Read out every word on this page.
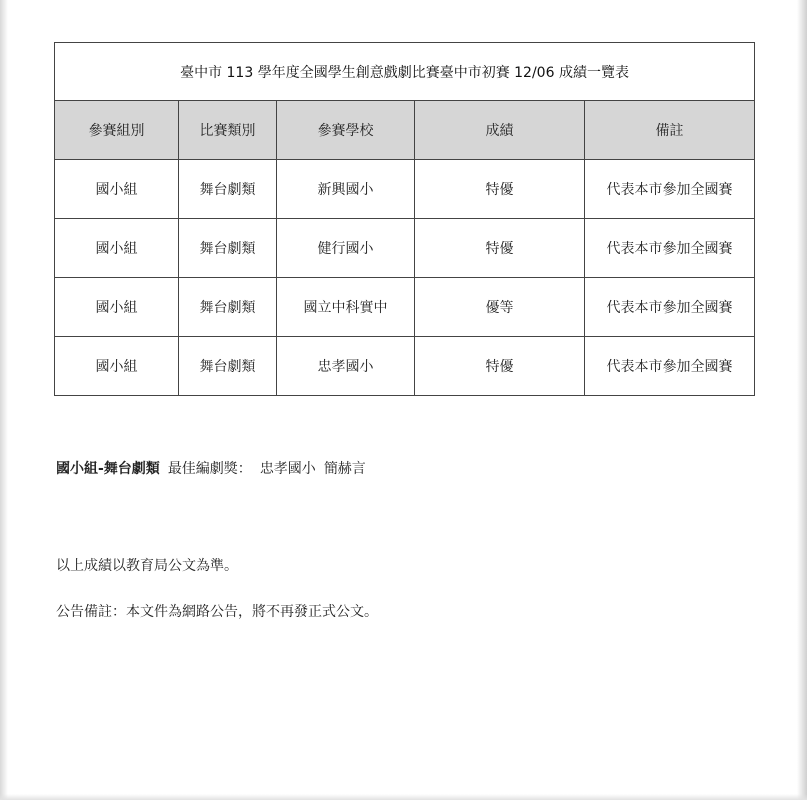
臺中市 113 學年度全國學生創意戲劇比賽臺中市初賽 12/06 成績一覽表				
參賽組別	比賽類別	參賽學校	成績	備註
國小組	舞台劇類	新興國小	特優	代表本市參加全國賽
國小組	舞台劇類	健行國小	特優	代表本市參加全國賽
國小組	舞台劇類	國立中科實中	優等	代表本市參加全國賽
國小組	舞台劇類	忠孝國小	特優	代表本市參加全國賽
國小組-舞台劇類 最佳編劇獎： 忠孝國小 簡赫言
以上成績以教育局公文為準。
公告備註：本文件為網路公告，將不再發正式公文。
